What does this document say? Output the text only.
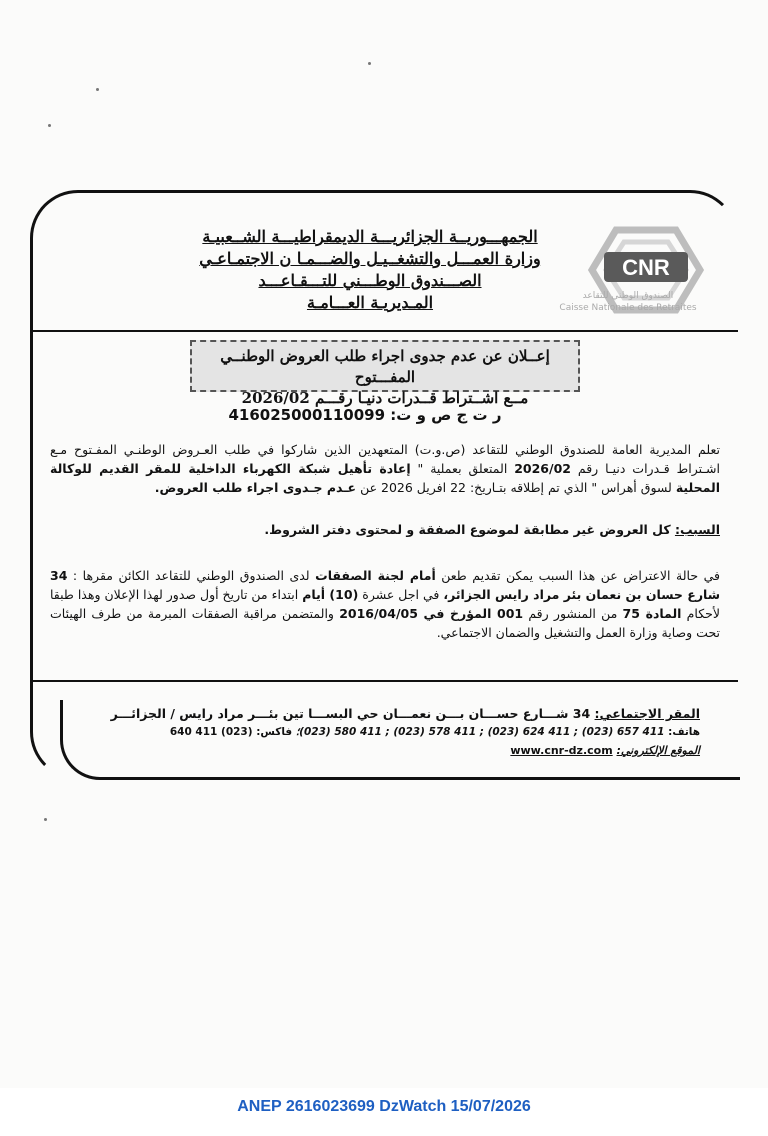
الجمهـــوريــة الجزائريـــة الديمقراطيـــة الشــعبيـة
وزارة العمـــل والتشغــيـل والضـــمـا ن الاجتمـاعـي
الصـــندوق الوطـــني للتـــقـاعـــد
المـديريـة العـــامـة
CNR
الصندوق الوطني للتقاعد
Caisse Nationale des Retraites
إعــلان عن عدم جدوى اجراء طلب العروض الوطنــي المفـــتوح
مــع اشــتراط قــدرات دنيـا رقـــم 2026/02
ر ت ج ص و ت: 416025000110099
تعلم المديرية العامة للصندوق الوطني للتقاعد (ص.و.ت) المتعهدين الذين شاركوا في طلب العـروض الوطنـي المفـتوح مـع اشـتراط قـدرات دنيـا رقم 2026/02 المتعلق بعملية " إعادة تأهيل شبكة الكهرباء الداخلية للمقر القديم للوكالة المحلية لسوق أهراس " الذي تم إطلاقه بتـاريخ: 22 افريل 2026 عن عـدم جـدوى اجراء طلب العروض.
السبب: كل العروض غير مطابقة لموضوع الصفقة و لمحتوى دفتر الشروط.
في حالة الاعتراض عن هذا السبب يمكن تقديم طعن أمام لجنة الصفقات لدى الصندوق الوطني للتقاعد الكائن مقرها : 34 شارع حسان بن نعمان بئر مراد رايس الجزائر، في اجل عشرة (10) أيام ابتداء من تاريخ أول صدور لهذا الإعلان وهذا طبقا لأحكام المادة 75 من المنشور رقم 001 المؤرخ في 2016/04/05 والمتضمن مراقبة الصفقات المبرمة من طرف الهيئات تحت وصاية وزارة العمل والتشغيل والضمان الاجتماعي.
المقر الاجتماعي: 34 شـــارع حســـان بـــن نعمـــان حي البســـا تين بئـــر مراد رايس / الجزائـــر
هاتف: 411 657 (023) ; 411 624 (023) ; 411 578 (023) ; 411 580 (023)؛ فاكس: (023) 411 640
الموقع الإلكتروني: www.cnr-dz.com
ANEP 2616023699 DzWatch 15/07/2026
